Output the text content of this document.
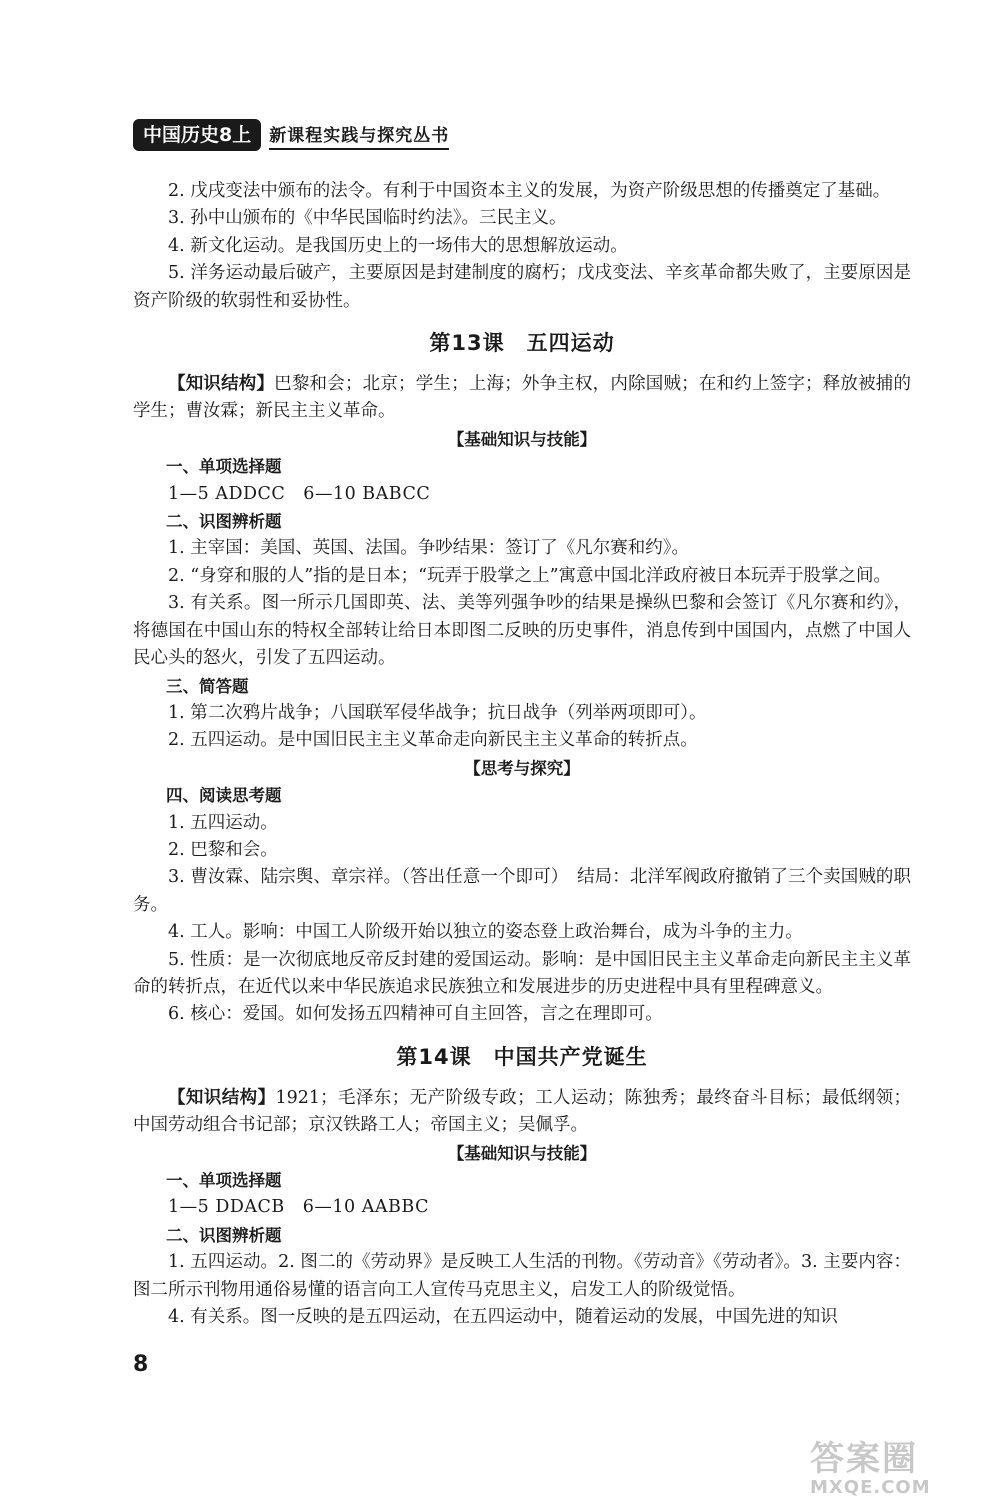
中国历史8上	新课程实践与探究丛书

2. 戊戌变法中颁布的法令。有利于中国资本主义的发展，为资产阶级思想的传播奠定了基础。

3. 孙中山颁布的《中华民国临时约法》。三民主义。

4. 新文化运动。是我国历史上的一场伟大的思想解放运动。

5. 洋务运动最后破产，主要原因是封建制度的腐朽；戊戌变法、辛亥革命都失败了，主要原因是资产阶级的软弱性和妥协性。

第13课 五四运动

【知识结构】巴黎和会；北京；学生；上海；外争主权，内除国贼；在和约上签字；释放被捕的学生；曹汝霖；新民主主义革命。

【基础知识与技能】
一、单项选择题

1—5 ADDCC　6—10 BABCC

二、识图辨析题

1. 主宰国：美国、英国、法国。争吵结果：签订了《凡尔赛和约》。

2. “身穿和服的人”指的是日本；“玩弄于股掌之上”寓意中国北洋政府被日本玩弄于股掌之间。

3. 有关系。图一所示几国即英、法、美等列强争吵的结果是操纵巴黎和会签订《凡尔赛和约》，将德国在中国山东的特权全部转让给日本即图二反映的历史事件，消息传到中国国内，点燃了中国人民心头的怒火，引发了五四运动。

三、简答题

1. 第二次鸦片战争；八国联军侵华战争；抗日战争（列举两项即可）。

2. 五四运动。是中国旧民主主义革命走向新民主主义革命的转折点。

【思考与探究】
四、阅读思考题

1. 五四运动。

2. 巴黎和会。

3. 曹汝霖、陆宗舆、章宗祥。（答出任意一个即可）　结局：北洋军阀政府撤销了三个卖国贼的职务。

4. 工人。影响：中国工人阶级开始以独立的姿态登上政治舞台，成为斗争的主力。

5. 性质：是一次彻底地反帝反封建的爱国运动。影响：是中国旧民主主义革命走向新民主主义革命的转折点，在近代以来中华民族追求民族独立和发展进步的历史进程中具有里程碑意义。

6. 核心：爱国。如何发扬五四精神可自主回答，言之在理即可。

第14课 中国共产党诞生

【知识结构】1921；毛泽东；无产阶级专政；工人运动；陈独秀；最终奋斗目标；最低纲领；中国劳动组合书记部；京汉铁路工人；帝国主义；吴佩孚。

【基础知识与技能】
一、单项选择题

1—5 DDACB　6—10 AABBC

二、识图辨析题

1. 五四运动。2. 图二的《劳动界》是反映工人生活的刊物。《劳动音》《劳动者》。3. 主要内容：图二所示刊物用通俗易懂的语言向工人宣传马克思主义，启发工人的阶级觉悟。

4. 有关系。图一反映的是五四运动，在五四运动中，随着运动的发展，中国先进的知识

8
答案圈
MXQE.COM
